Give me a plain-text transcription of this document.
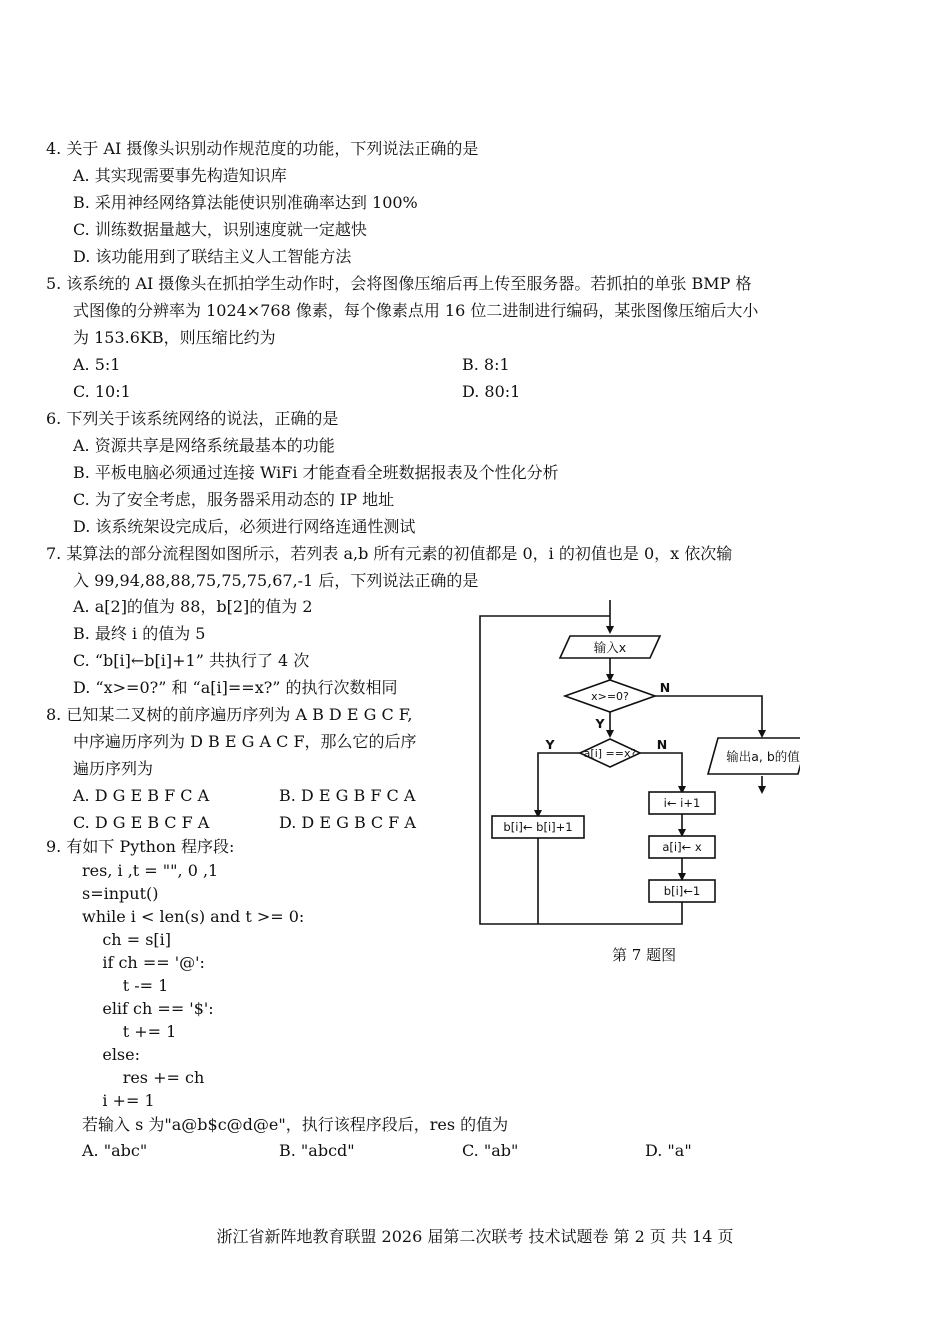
4. 关于 AI 摄像头识别动作规范度的功能，下列说法正确的是
A. 其实现需要事先构造知识库
B. 采用神经网络算法能使识别准确率达到 100%
C. 训练数据量越大，识别速度就一定越快
D. 该功能用到了联结主义人工智能方法
5. 该系统的 AI 摄像头在抓拍学生动作时，会将图像压缩后再上传至服务器。若抓拍的单张 BMP 格
式图像的分辨率为 1024×768 像素，每个像素点用 16 位二进制进行编码，某张图像压缩后大小
为 153.6KB，则压缩比约为
A. 5:1	B. 8:1
C. 10:1	D. 80:1
6. 下列关于该系统网络的说法，正确的是
A. 资源共享是网络系统最基本的功能
B. 平板电脑必须通过连接 WiFi 才能查看全班数据报表及个性化分析
C. 为了安全考虑，服务器采用动态的 IP 地址
D. 该系统架设完成后，必须进行网络连通性测试
7. 某算法的部分流程图如图所示，若列表 a,b 所有元素的初值都是 0，i 的初值也是 0，x 依次输
入 99,94,88,88,75,75,75,67,-1 后，下列说法正确的是
A. a[2]的值为 88，b[2]的值为 2
B. 最终 i 的值为 5
C. “b[i]←b[i]+1” 共执行了 4 次
D. “x>=0?” 和 “a[i]==x?” 的执行次数相同
8. 已知某二叉树的前序遍历序列为 A B D E G C F,
中序遍历序列为 D B E G A C F，那么它的后序
遍历序列为
A. D G E B F C A	B. D E G B F C A
C. D G E B C F A	D. D E G B C F A
9. 有如下 Python 程序段:
res, i ,t = "", 0 ,1
s=input()
while i < len(s) and t >= 0:
ch = s[i]
if ch == '@':
t -= 1
elif ch == '$':
t += 1
else:
res += ch
i += 1
若输入 s 为"a@b$c@d@e"，执行该程序段后，res 的值为
A. "abc"	B. "abcd"	C. "ab"	D. "a"
输入x
x>=0?
a[i] ==x?	输出a, b的值
b[i]← b[i]+1
i← i+1
a[i]← x
b[i]←1
N
Y
Y	N
第 7 题图
浙江省新阵地教育联盟 2026 届第二次联考 技术试题卷 第 2 页 共 14 页
